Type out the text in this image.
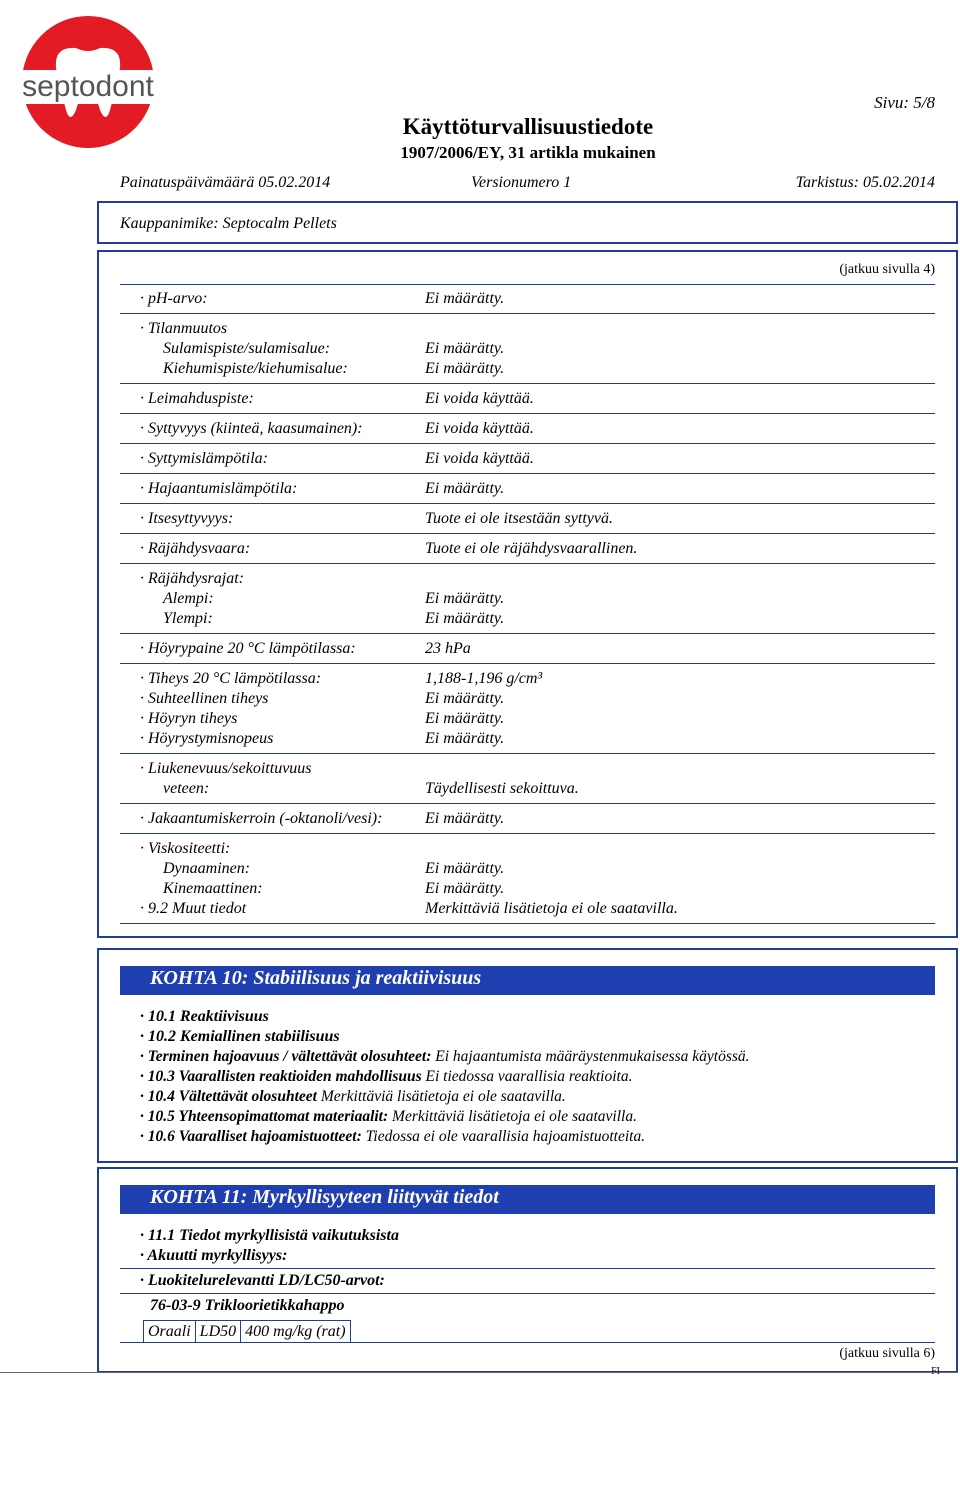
septodont	Sivu: 5/8
Käyttöturvallisuustiedote
1907/2006/EY, 31 artikla mukainen
Painatuspäivämäärä 05.02.2014	Versionumero 1	Tarkistus: 05.02.2014
Kauppanimike: Septocalm Pellets
(jatkuu sivulla 4)
· pH-arvo:	Ei määrätty.
· Tilanmuutos
Sulamispiste/sulamisalue:	Ei määrätty.
Kiehumispiste/kiehumisalue:	Ei määrätty.
· Leimahduspiste:	Ei voida käyttää.
· Syttyvyys (kiinteä, kaasumainen):	Ei voida käyttää.
· Syttymislämpötila:	Ei voida käyttää.
· Hajaantumislämpötila:	Ei määrätty.
· Itsesyttyvyys:	Tuote ei ole itsestään syttyvä.
· Räjähdysvaara:	Tuote ei ole räjähdysvaarallinen.
· Räjähdysrajat:
Alempi:	Ei määrätty.
Ylempi:	Ei määrätty.
· Höyrypaine 20 °C lämpötilassa:	23 hPa
· Tiheys 20 °C lämpötilassa:	1,188-1,196 g/cm³
· Suhteellinen tiheys	Ei määrätty.
· Höyryn tiheys	Ei määrätty.
· Höyrystymisnopeus	Ei määrätty.
· Liukenevuus/sekoittuvuus
veteen:	Täydellisesti sekoittuva.
· Jakaantumiskerroin (-oktanoli/vesi):	Ei määrätty.
· Viskositeetti:
Dynaaminen:	Ei määrätty.
Kinemaattinen:	Ei määrätty.
· 9.2 Muut tiedot	Merkittäviä lisätietoja ei ole saatavilla.
KOHTA 10: Stabiilisuus ja reaktiivisuus
· 10.1 Reaktiivisuus
· 10.2 Kemiallinen stabiilisuus
· Terminen hajoavuus / vältettävät olosuhteet: Ei hajaantumista määräystenmukaisessa käytössä.
· 10.3 Vaarallisten reaktioiden mahdollisuus Ei tiedossa vaarallisia reaktioita.
· 10.4 Vältettävät olosuhteet Merkittäviä lisätietoja ei ole saatavilla.
· 10.5 Yhteensopimattomat materiaalit: Merkittäviä lisätietoja ei ole saatavilla.
· 10.6 Vaaralliset hajoamistuotteet: Tiedossa ei ole vaarallisia hajoamistuotteita.
KOHTA 11: Myrkyllisyyteen liittyvät tiedot
· 11.1 Tiedot myrkyllisistä vaikutuksista
· Akuutti myrkyllisyys:
· Luokitelurelevantti LD/LC50-arvot:
76-03-9 Trikloorietikkahappo
Oraali	LD50	400 mg/kg (rat)
(jatkuu sivulla 6)
FI
